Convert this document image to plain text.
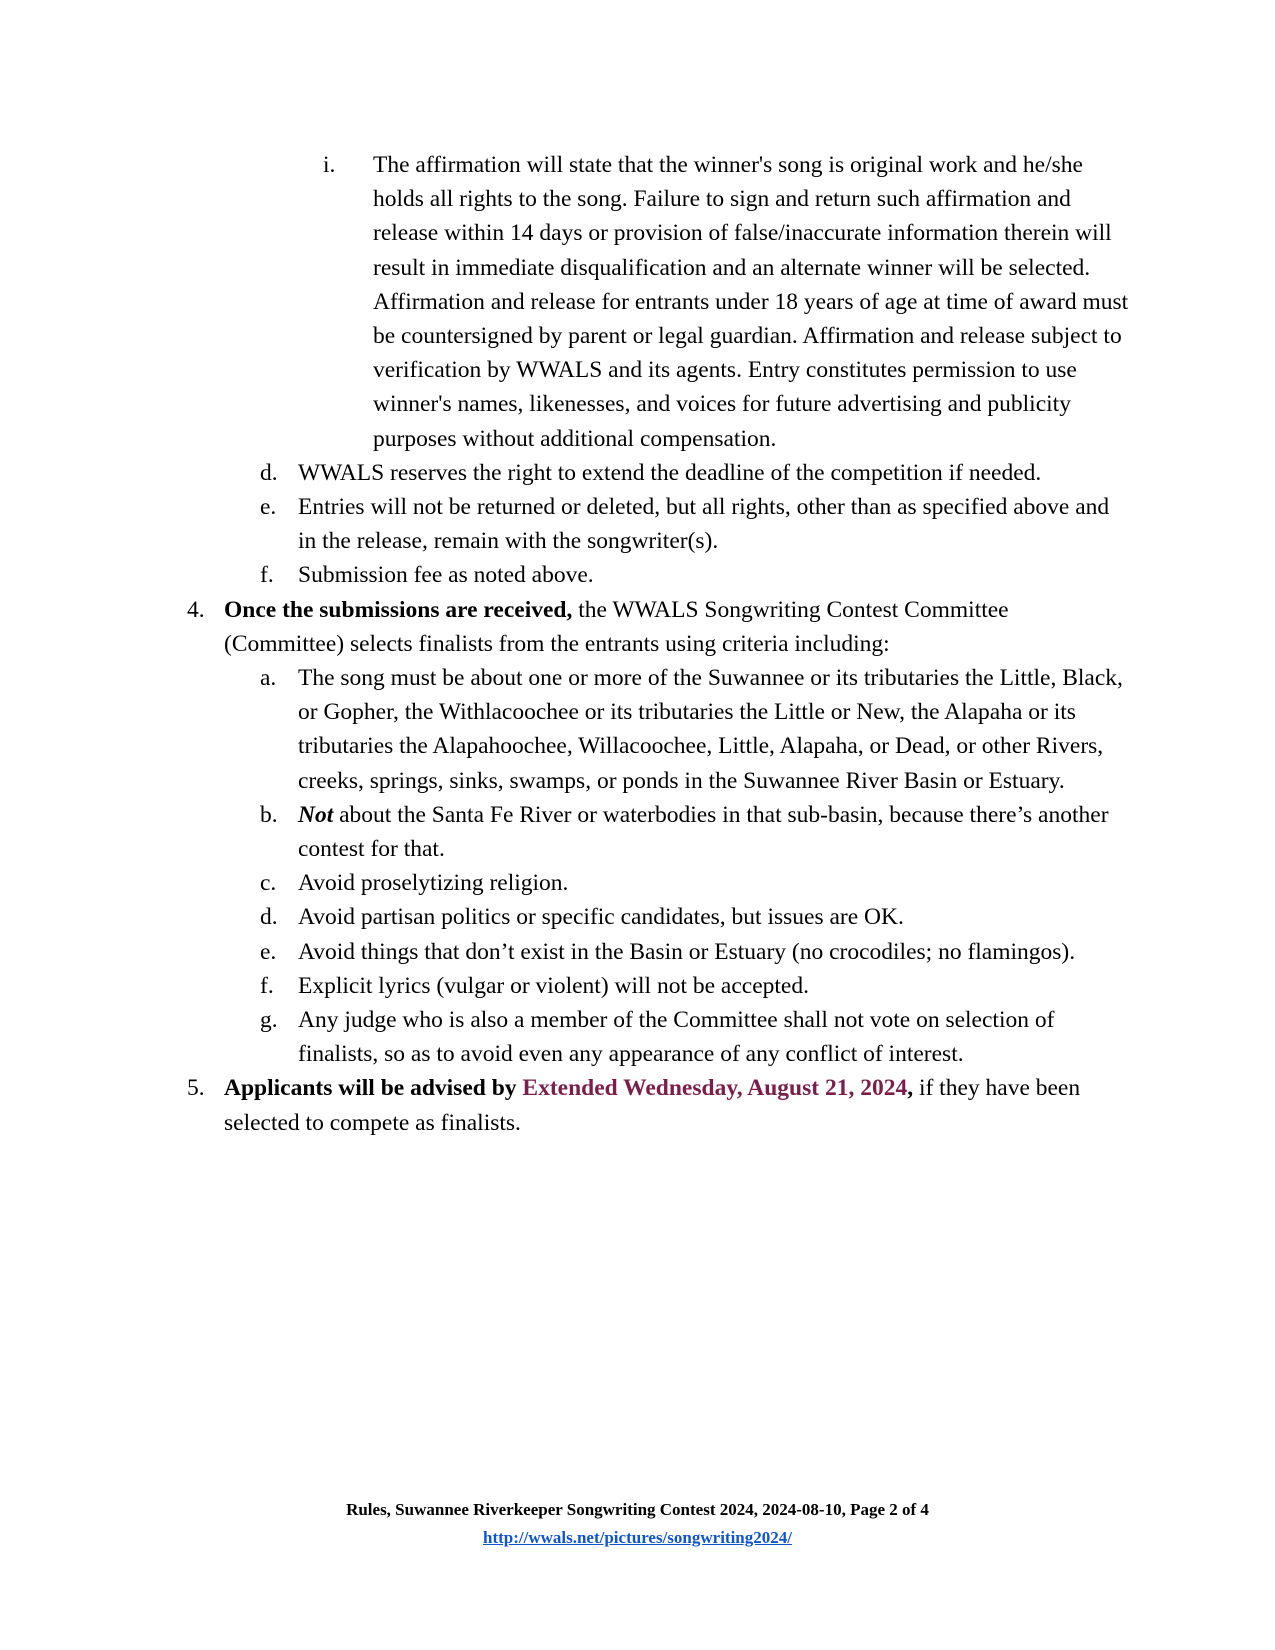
i. The affirmation will state that the winner's song is original work and he/she holds all rights to the song. Failure to sign and return such affirmation and release within 14 days or provision of false/inaccurate information therein will result in immediate disqualification and an alternate winner will be selected. Affirmation and release for entrants under 18 years of age at time of award must be countersigned by parent or legal guardian. Affirmation and release subject to verification by WWALS and its agents. Entry constitutes permission to use winner's names, likenesses, and voices for future advertising and publicity purposes without additional compensation.
d. WWALS reserves the right to extend the deadline of the competition if needed.
e. Entries will not be returned or deleted, but all rights, other than as specified above and in the release, remain with the songwriter(s).
f. Submission fee as noted above.
4. Once the submissions are received, the WWALS Songwriting Contest Committee (Committee) selects finalists from the entrants using criteria including:
a. The song must be about one or more of the Suwannee or its tributaries the Little, Black, or Gopher, the Withlacoochee or its tributaries the Little or New, the Alapaha or its tributaries the Alapahoochee, Willacoochee, Little, Alapaha, or Dead, or other Rivers, creeks, springs, sinks, swamps, or ponds in the Suwannee River Basin or Estuary.
b. Not about the Santa Fe River or waterbodies in that sub-basin, because there’s another contest for that.
c. Avoid proselytizing religion.
d. Avoid partisan politics or specific candidates, but issues are OK.
e. Avoid things that don’t exist in the Basin or Estuary (no crocodiles; no flamingos).
f. Explicit lyrics (vulgar or violent) will not be accepted.
g. Any judge who is also a member of the Committee shall not vote on selection of finalists, so as to avoid even any appearance of any conflict of interest.
5. Applicants will be advised by Extended Wednesday, August 21, 2024, if they have been selected to compete as finalists.
Rules, Suwannee Riverkeeper Songwriting Contest 2024, 2024-08-10, Page 2 of 4
http://wwals.net/pictures/songwriting2024/
